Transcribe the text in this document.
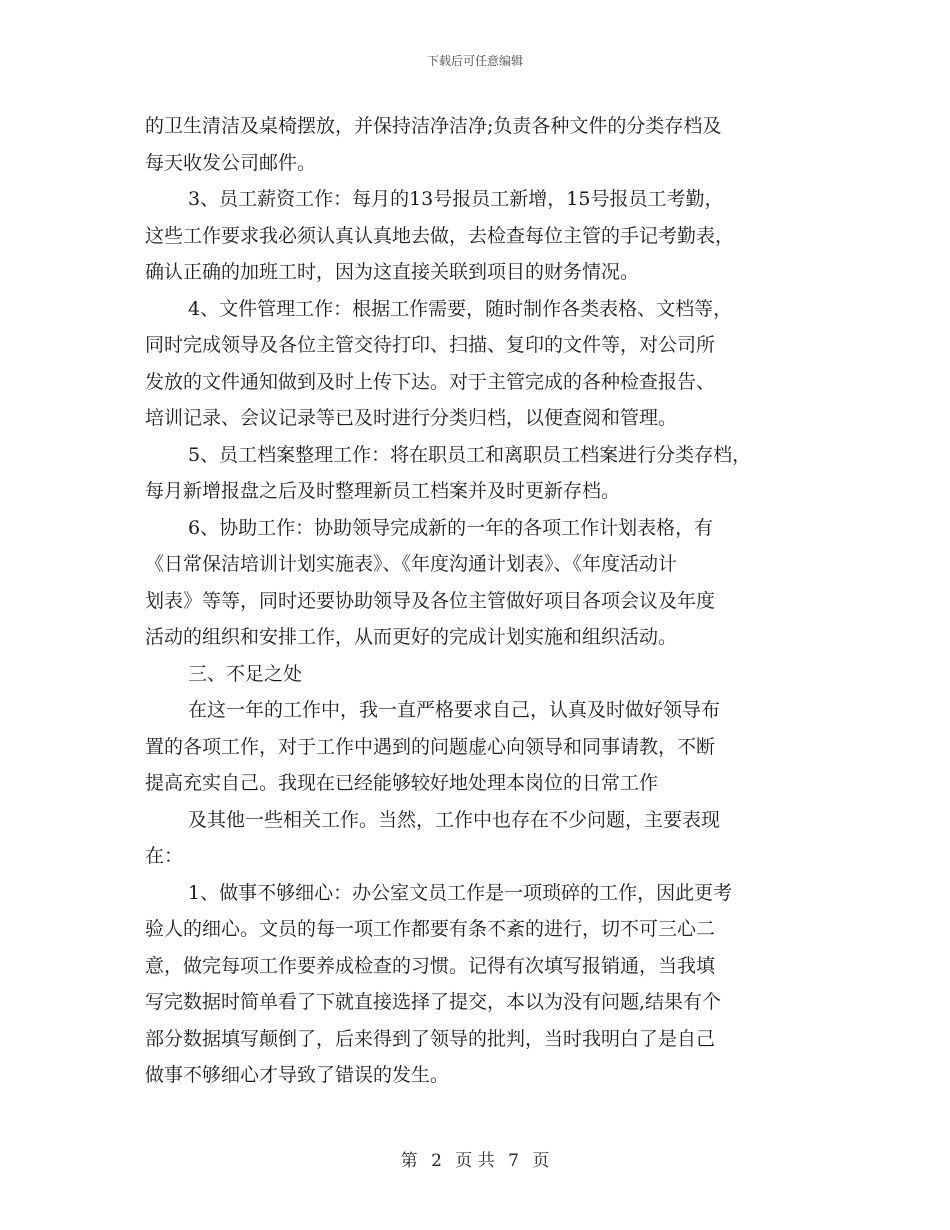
下载后可任意编辑
的卫生清洁及桌椅摆放，并保持洁净洁净;负责各种文件的分类存档及
每天收发公司邮件。
3、员工薪资工作：每月的13号报员工新增，15号报员工考勤，
这些工作要求我必须认真认真地去做，去检查每位主管的手记考勤表，
确认正确的加班工时，因为这直接关联到项目的财务情况。
4、文件管理工作：根据工作需要，随时制作各类表格、文档等，
同时完成领导及各位主管交待打印、扫描、复印的文件等，对公司所
发放的文件通知做到及时上传下达。对于主管完成的各种检查报告、
培训记录、会议记录等已及时进行分类归档，以便查阅和管理。
5、员工档案整理工作：将在职员工和离职员工档案进行分类存档，
每月新增报盘之后及时整理新员工档案并及时更新存档。
6、协助工作：协助领导完成新的一年的各项工作计划表格，有
《日常保洁培训计划实施表》、《年度沟通计划表》、《年度活动计
划表》等等，同时还要协助领导及各位主管做好项目各项会议及年度
活动的组织和安排工作，从而更好的完成计划实施和组织活动。
三、不足之处
在这一年的工作中，我一直严格要求自己，认真及时做好领导布
置的各项工作，对于工作中遇到的问题虚心向领导和同事请教，不断
提高充实自己。我现在已经能够较好地处理本岗位的日常工作
及其他一些相关工作。当然，工作中也存在不少问题，主要表现
在：
1、做事不够细心：办公室文员工作是一项琐碎的工作，因此更考
验人的细心。文员的每一项工作都要有条不紊的进行，切不可三心二
意，做完每项工作要养成检查的习惯。记得有次填写报销通，当我填
写完数据时简单看了下就直接选择了提交，本以为没有问题,结果有个
部分数据填写颠倒了，后来得到了领导的批判，当时我明白了是自己
做事不够细心才导致了错误的发生。
第 2 页 共 7 页
